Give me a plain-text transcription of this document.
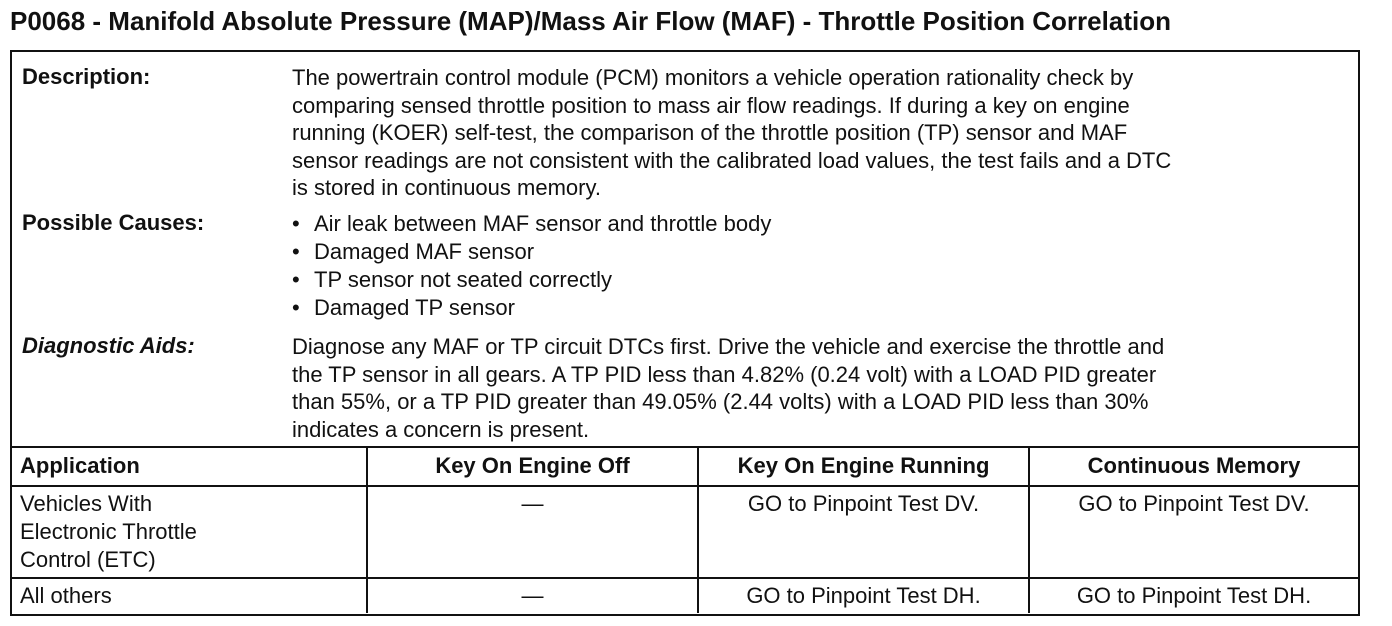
P0068 - Manifold Absolute Pressure (MAP)/Mass Air Flow (MAF) - Throttle Position Correlation
Description:	The powertrain control module (PCM) monitors a vehicle operation rationality check by
comparing sensed throttle position to mass air flow readings. If during a key on engine
running (KOER) self-test, the comparison of the throttle position (TP) sensor and MAF
sensor readings are not consistent with the calibrated load values, the test fails and a DTC
is stored in continuous memory.
Possible Causes:	• Air leak between MAF sensor and throttle body
• Damaged MAF sensor
• TP sensor not seated correctly
• Damaged TP sensor
Diagnostic Aids:	Diagnose any MAF or TP circuit DTCs first. Drive the vehicle and exercise the throttle and
the TP sensor in all gears. A TP PID less than 4.82% (0.24 volt) with a LOAD PID greater
than 55%, or a TP PID greater than 49.05% (2.44 volts) with a LOAD PID less than 30%
indicates a concern is present.
Application	Key On Engine Off	Key On Engine Running	Continuous Memory

Vehicles With
Electronic Throttle
Control (ETC)	—	GO to Pinpoint Test DV.	GO to Pinpoint Test DV.

All others	—	GO to Pinpoint Test DH.	GO to Pinpoint Test DH.
